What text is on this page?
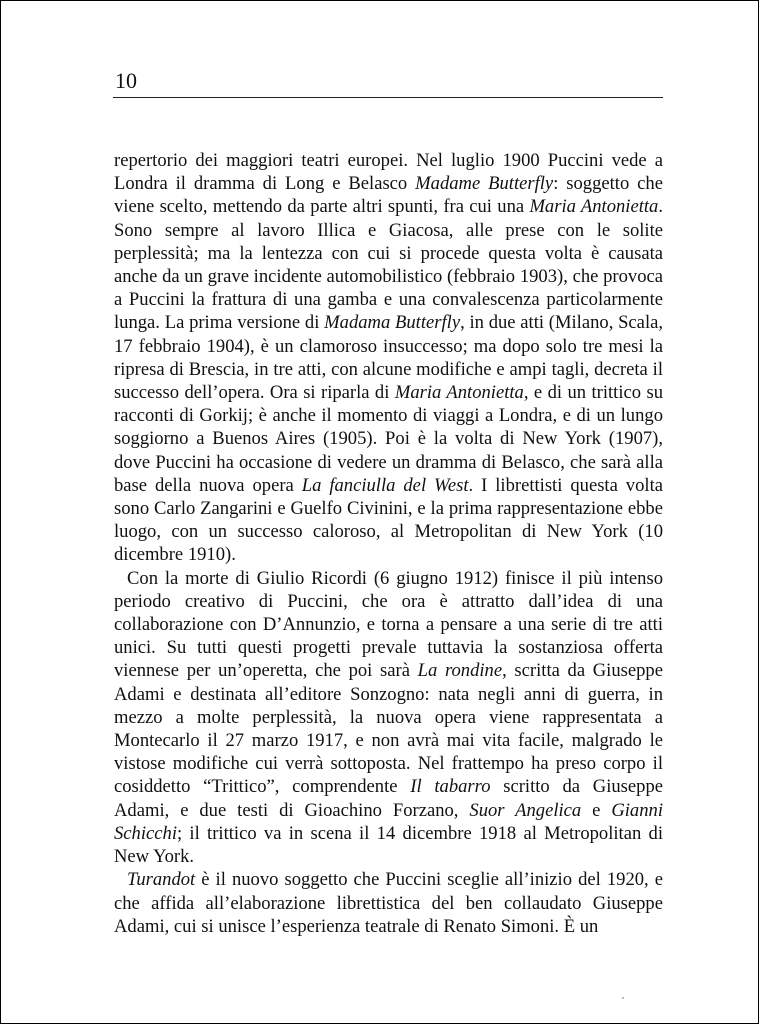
10

repertorio dei maggiori teatri europei. Nel luglio 1900 Puccini vede a Londra il dramma di Long e Belasco Madame Butterfly: soggetto che viene scelto, mettendo da parte altri spunti, fra cui una Maria Antonietta. Sono sempre al lavoro Illica e Giacosa, alle prese con le solite perplessità; ma la lentezza con cui si procede questa volta è causata anche da un grave incidente automobilistico (febbraio 1903), che provoca a Puccini la frattura di una gamba e una convalescenza particolarmente lunga. La prima versione di Madama Butterfly, in due atti (Milano, Scala, 17 febbraio 1904), è un clamoroso insuccesso; ma dopo solo tre mesi la ripresa di Brescia, in tre atti, con alcune modifiche e ampi tagli, decreta il successo dell’opera. Ora si riparla di Maria Antonietta, e di un trittico su racconti di Gorkij; è anche il momento di viaggi a Londra, e di un lungo soggiorno a Buenos Aires (1905). Poi è la volta di New York (1907), dove Puccini ha occasione di vedere un dramma di Belasco, che sarà alla base della nuova opera La fanciulla del West. I librettisti questa volta sono Carlo Zangarini e Guelfo Civinini, e la prima rappresentazione ebbe luogo, con un successo caloroso, al Metropolitan di New York (10 dicembre 1910).

Con la morte di Giulio Ricordi (6 giugno 1912) finisce il più intenso periodo creativo di Puccini, che ora è attratto dall’idea di una collaborazione con D’Annunzio, e torna a pensare a una serie di tre atti unici. Su tutti questi progetti prevale tuttavia la sostanziosa offerta viennese per un’operetta, che poi sarà La rondine, scritta da Giuseppe Adami e destinata all’editore Sonzogno: nata negli anni di guerra, in mezzo a molte perplessità, la nuova opera viene rappresentata a Montecarlo il 27 marzo 1917, e non avrà mai vita facile, malgrado le vistose modifiche cui verrà sottoposta. Nel frattempo ha preso corpo il cosiddetto “Trittico”, comprendente Il tabarro scritto da Giuseppe Adami, e due testi di Gioachino Forzano, Suor Angelica e Gianni Schicchi; il trittico va in scena il 14 dicembre 1918 al Metropolitan di New York.

Turandot è il nuovo soggetto che Puccini sceglie all’inizio del 1920, e che affida all’elaborazione librettistica del ben collaudato Giuseppe Adami, cui si unisce l’esperienza teatrale di Renato Simoni. È un
